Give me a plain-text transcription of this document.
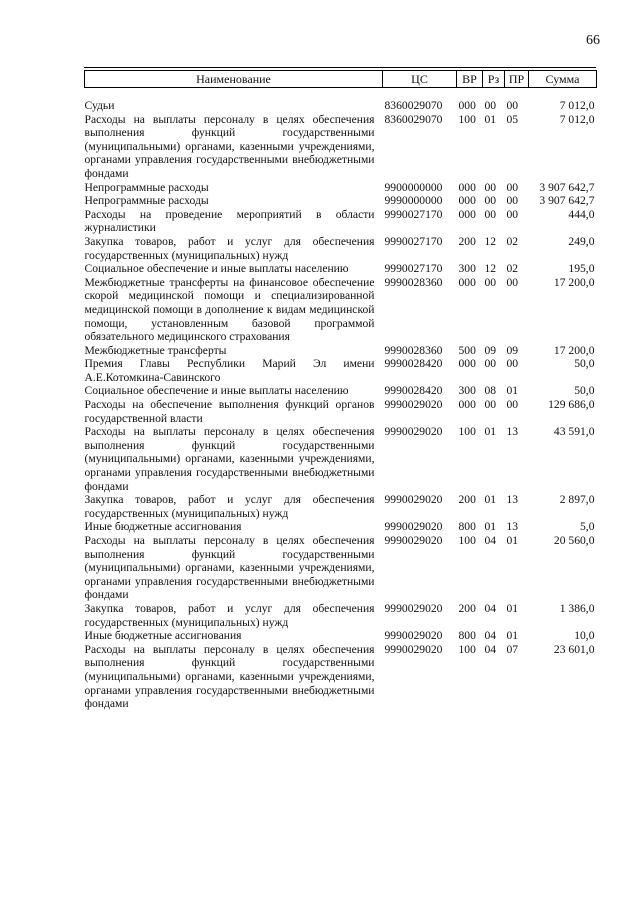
66
Наименование	ЦС	ВР	Рз	ПР	Сумма
Судьи	8360029070	000	00	00	7 012,0
Расходы на выплаты персоналу в целях обеспечения выполнения функций государственными (муниципальными) органами, казенными учреждениями, органами управления государственными внебюджетными фондами	8360029070	100	01	05	7 012,0
Непрограммные расходы	9900000000	000	00	00	3 907 642,7
Непрограммные расходы	9990000000	000	00	00	3 907 642,7
Расходы на проведение мероприятий в области журналистики	9990027170	000	00	00	444,0
Закупка товаров, работ и услуг для обеспечения государственных (муниципальных) нужд	9990027170	200	12	02	249,0
Социальное обеспечение и иные выплаты населению	9990027170	300	12	02	195,0
Межбюджетные трансферты на финансовое обеспечение скорой медицинской помощи и специализированной медицинской помощи в дополнение к видам медицинской помощи, установленным базовой программой обязательного медицинского страхования	9990028360	000	00	00	17 200,0
Межбюджетные трансферты	9990028360	500	09	09	17 200,0
Премия Главы Республики Марий Эл имени А.Е.Котомкина-Савинского	9990028420	000	00	00	50,0
Социальное обеспечение и иные выплаты населению	9990028420	300	08	01	50,0
Расходы на обеспечение выполнения функций органов государственной власти	9990029020	000	00	00	129 686,0
Расходы на выплаты персоналу в целях обеспечения выполнения функций государственными (муниципальными) органами, казенными учреждениями, органами управления государственными внебюджетными фондами	9990029020	100	01	13	43 591,0
Закупка товаров, работ и услуг для обеспечения государственных (муниципальных) нужд	9990029020	200	01	13	2 897,0
Иные бюджетные ассигнования	9990029020	800	01	13	5,0
Расходы на выплаты персоналу в целях обеспечения выполнения функций государственными (муниципальными) органами, казенными учреждениями, органами управления государственными внебюджетными фондами	9990029020	100	04	01	20 560,0
Закупка товаров, работ и услуг для обеспечения государственных (муниципальных) нужд	9990029020	200	04	01	1 386,0
Иные бюджетные ассигнования	9990029020	800	04	01	10,0
Расходы на выплаты персоналу в целях обеспечения выполнения функций государственными (муниципальными) органами, казенными учреждениями, органами управления государственными внебюджетными фондами	9990029020	100	04	07	23 601,0
